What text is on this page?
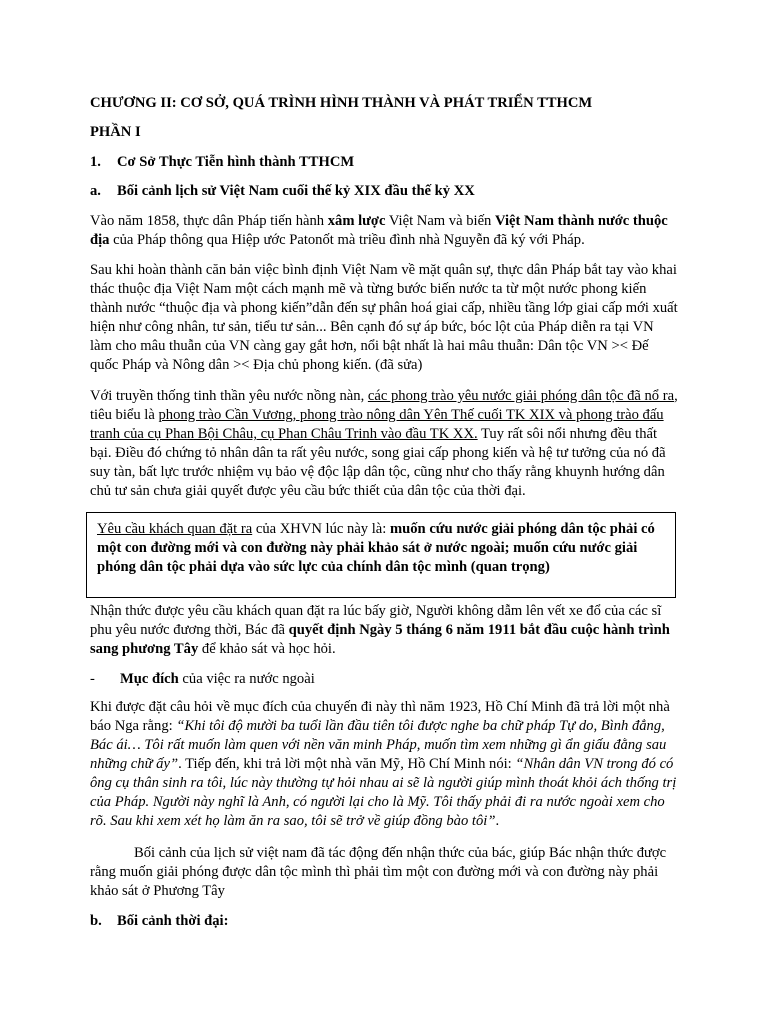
CHƯƠNG II: CƠ SỞ, QUÁ TRÌNH HÌNH THÀNH VÀ PHÁT TRIỂN TTHCM

PHẦN I

1. Cơ Sở Thực Tiễn hình thành TTHCM

a. Bối cảnh lịch sử Việt Nam cuối thế kỷ XIX đầu thế kỷ XX

Vào năm 1858, thực dân Pháp tiến hành xâm lược Việt Nam và biến Việt Nam thành nước thuộc địa của Pháp thông qua Hiệp ước Patonốt mà triều đình nhà Nguyễn đã ký với Pháp.

Sau khi hoàn thành căn bản việc bình định Việt Nam về mặt quân sự, thực dân Pháp bắt tay vào khai thác thuộc địa Việt Nam một cách mạnh mẽ và từng bước biến nước ta từ một nước phong kiến thành nước “thuộc địa và phong kiến”dẫn đến sự phân hoá giai cấp, nhiều tầng lớp giai cấp mới xuất hiện như công nhân, tư sản, tiểu tư sản... Bên cạnh đó sự áp bức, bóc lột của Pháp diễn ra tại VN làm cho mâu thuẫn của VN càng gay gắt hơn, nổi bật nhất là hai mâu thuẫn: Dân tộc VN >< Đế quốc Pháp và Nông dân >< Địa chủ phong kiến. (đã sửa)

Với truyền thống tinh thần yêu nước nồng nàn, các phong trào yêu nước giải phóng dân tộc đã nổ ra, tiêu biểu là phong trào Cần Vương, phong trào nông dân Yên Thế cuối TK XIX và phong trào đấu tranh của cụ Phan Bội Châu, cụ Phan Châu Trinh vào đầu TK XX. Tuy rất sôi nổi nhưng đều thất bại. Điều đó chứng tỏ nhân dân ta rất yêu nước, song giai cấp phong kiến và hệ tư tưởng của nó đã suy tàn, bất lực trước nhiệm vụ bảo vệ độc lập dân tộc, cũng như cho thấy rằng khuynh hướng dân chủ tư sản chưa giải quyết được yêu cầu bức thiết của dân tộc của thời đại.

Yêu cầu khách quan đặt ra của XHVN lúc này là: muốn cứu nước giải phóng dân tộc phải có một con đường mới và con đường này phải khảo sát ở nước ngoài; muốn cứu nước giải phóng dân tộc phải dựa vào sức lực của chính dân tộc mình (quan trọng)

Nhận thức được yêu cầu khách quan đặt ra lúc bấy giờ, Người không dẫm lên vết xe đổ của các sĩ phu yêu nước đương thời, Bác đã quyết định Ngày 5 tháng 6 năm 1911 bắt đầu cuộc hành trình sang phương Tây để khảo sát và học hỏi.

- Mục đích của việc ra nước ngoài

Khi được đặt câu hỏi về mục đích của chuyến đi này thì năm 1923, Hồ Chí Minh đã trả lời một nhà báo Nga rằng: “Khi tôi độ mười ba tuổi lần đầu tiên tôi được nghe ba chữ pháp Tự do, Bình đẳng, Bác ái… Tôi rất muốn làm quen với nền văn minh Pháp, muốn tìm xem những gì ẩn giấu đằng sau những chữ ấy”. Tiếp đến, khi trả lời một nhà văn Mỹ, Hồ Chí Minh nói: “Nhân dân VN trong đó có ông cụ thân sinh ra tôi, lúc này thường tự hỏi nhau ai sẽ là người giúp mình thoát khỏi ách thống trị của Pháp. Người này nghĩ là Anh, có người lại cho là Mỹ. Tôi thấy phải đi ra nước ngoài xem cho rõ. Sau khi xem xét họ làm ăn ra sao, tôi sẽ trở về giúp đồng bào tôi”.

Bối cảnh của lịch sử việt nam đã tác động đến nhận thức của bác, giúp Bác nhận thức được rằng muốn giải phóng được dân tộc mình thì phải tìm một con đường mới và con đường này phải khảo sát ở Phương Tây

b. Bối cảnh thời đại:
